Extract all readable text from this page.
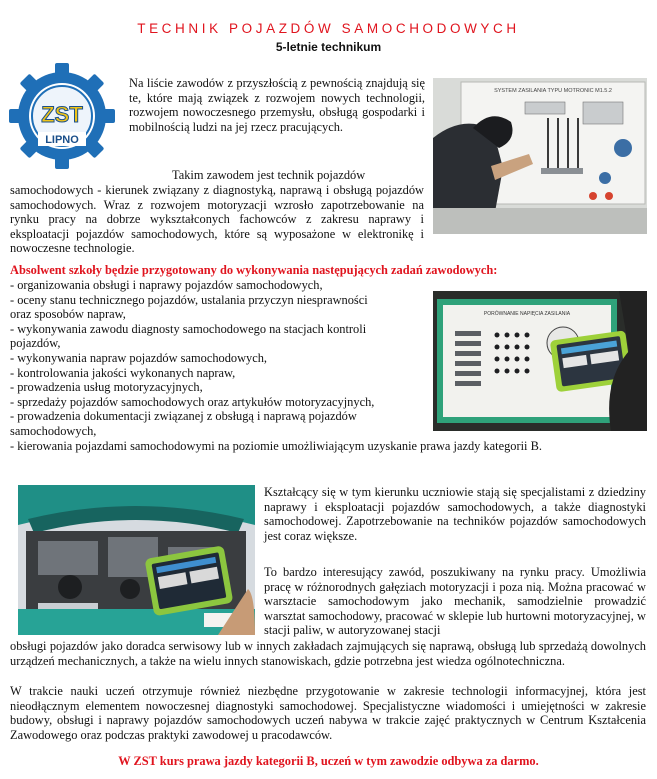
TECHNIK POJAZDÓW SAMOCHODOWYCH
5-letnie technikum
ZST
LIPNO

Na liście zawodów z przyszłością z pewnością znajdują się te, które mają związek z rozwojem nowych technologii, rozwojem nowoczesnego przemysłu, obsługą gospodarki i mobilnością ludzi na jej rzecz pracujących.

Takim zawodem jest technik pojazdów

samochodowych - kierunek związany z diagnostyką, naprawą i obsługą pojazdów samochodowych. Wraz z rozwojem motoryzacji wzrosło zapotrzebowanie na rynku pracy na dobrze wykształconych fachowców z zakresu naprawy i eksploatacji pojazdów samochodowych, które są wyposażone w elektronikę i nowoczesne technologie.

SYSTEM ZASILANIA TYPU MOTRONIC M1.5.2
Absolwent szkoły będzie przygotowany do wykonywania następujących zadań zawodowych:
- organizowania obsługi i naprawy pojazdów samochodowych,
- oceny stanu technicznego pojazdów, ustalania przyczyn niesprawności
oraz sposobów napraw,
- wykonywania zawodu diagnosty samochodowego na stacjach kontroli
pojazdów,
- wykonywania napraw pojazdów samochodowych,
- kontrolowania jakości wykonanych napraw,
- prowadzenia usług motoryzacyjnych,
- sprzedaży pojazdów samochodowych oraz artykułów motoryzacyjnych,
- prowadzenia dokumentacji związanej z obsługą i naprawą pojazdów
samochodowych,
- kierowania pojazdami samochodowymi na poziomie umożliwiającym uzyskanie prawa jazdy kategorii B.
PORÓWNANIE NAPIĘCIA ZASILANIA

Kształcący się w tym kierunku uczniowie stają się specjalistami z dziedziny naprawy i eksploatacji pojazdów samochodowych, a także diagnostyki samochodowej. Zapotrzebowanie na techników pojazdów samochodowych jest coraz większe.

To bardzo interesujący zawód, poszukiwany na rynku pracy. Umożliwia pracę w różnorodnych gałęziach motoryzacji i poza nią. Można pracować w warsztacie samochodowym jako mechanik, samodzielnie prowadzić warsztat samochodowy, pracować w sklepie lub hurtowni motoryzacyjnej, w stacji paliw, w autoryzowanej stacji

obsługi pojazdów jako doradca serwisowy lub w innych zakładach zajmujących się naprawą, obsługą lub sprzedażą dowolnych urządzeń mechanicznych, a także na wielu innych stanowiskach, gdzie potrzebna jest wiedza ogólnotechniczna.

W trakcie nauki uczeń otrzymuje również niezbędne przygotowanie w zakresie technologii informacyjnej, która jest nieodłącznym elementem nowoczesnej diagnostyki samochodowej. Specjalistyczne wiadomości i umiejętności w zakresie budowy, obsługi i naprawy pojazdów samochodowych uczeń nabywa w trakcie zajęć praktycznych w Centrum Kształcenia Zawodowego oraz podczas praktyki zawodowej u pracodawców.

W ZST kurs prawa jazdy kategorii B, uczeń w tym zawodzie odbywa za darmo.
